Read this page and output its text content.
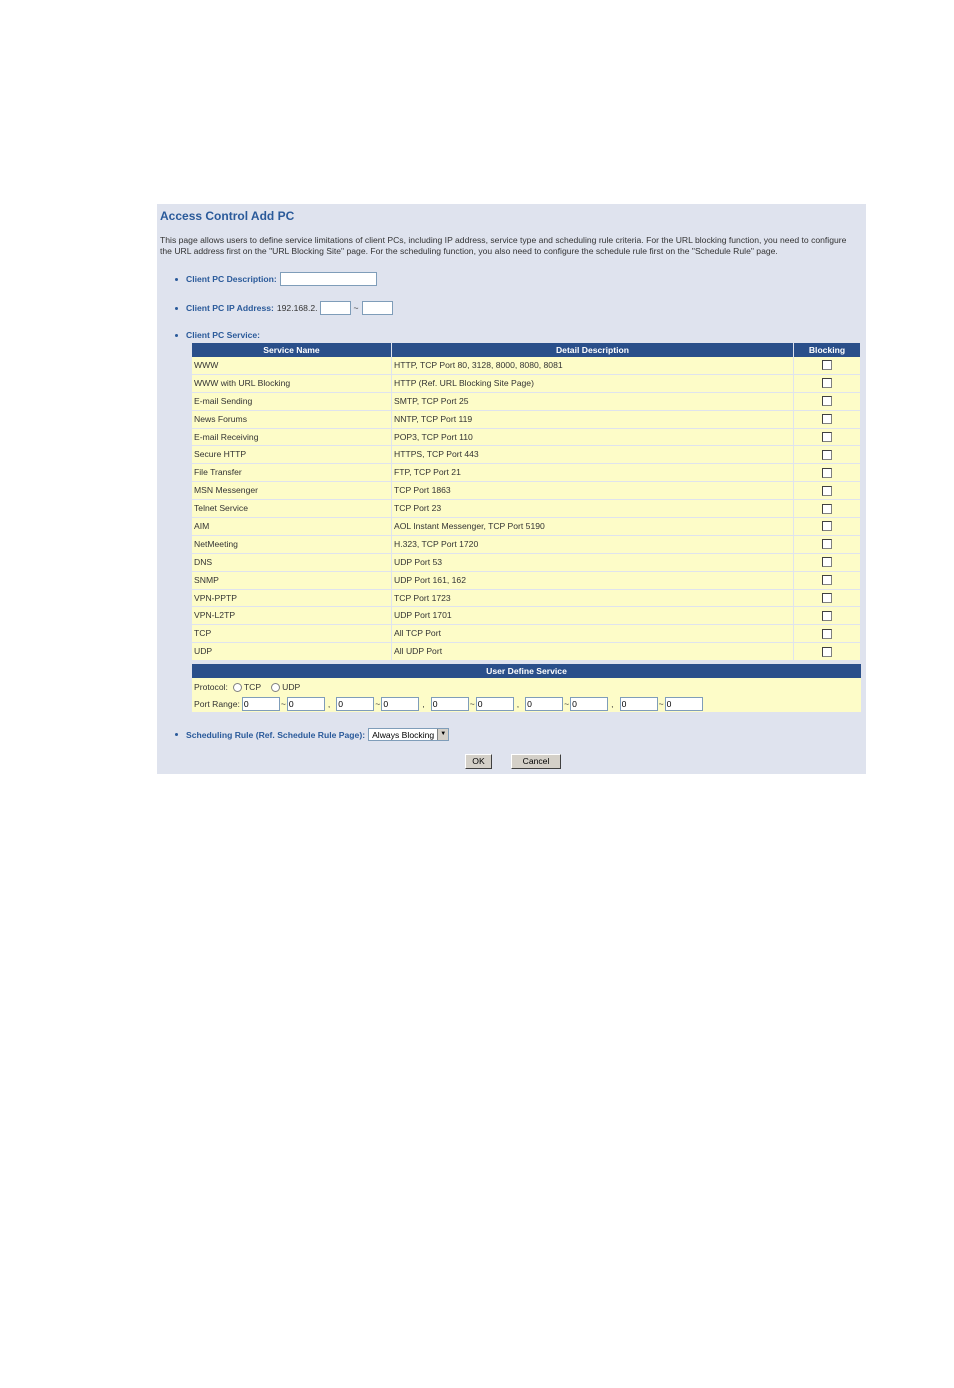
Access Control Add PC
This page allows users to define service limitations of client PCs, including IP address, service type and scheduling rule criteria. For the URL blocking function, you need to configure the URL address first on the "URL Blocking Site" page. For the scheduling function, you also need to configure the schedule rule first on the "Schedule Rule" page.
Client PC Description:
Client PC IP Address: 192.168.2.	~
Client PC Service:
Service Name	Detail Description	Blocking
WWW	HTTP, TCP Port 80, 3128, 8000, 8080, 8081
WWW with URL Blocking	HTTP (Ref. URL Blocking Site Page)
E-mail Sending	SMTP, TCP Port 25
News Forums	NNTP, TCP Port 119
E-mail Receiving	POP3, TCP Port 110
Secure HTTP	HTTPS, TCP Port 443
File Transfer	FTP, TCP Port 21
MSN Messenger	TCP Port 1863
Telnet Service	TCP Port 23
AIM	AOL Instant Messenger, TCP Port 5190
NetMeeting	H.323, TCP Port 1720
DNS	UDP Port 53
SNMP	UDP Port 161, 162
VPN-PPTP	TCP Port 1723
VPN-L2TP	UDP Port 1701
TCP	All TCP Port
UDP	All UDP Port
User Define Service
Protocol:	TCP	UDP
Port Range:
0	~
0	,
0	~
0	,
0	~
0	,
0	~
0	,
0	~
0
Scheduling Rule (Ref. Schedule Rule Page): Always Blocking	▼
OK	Cancel
